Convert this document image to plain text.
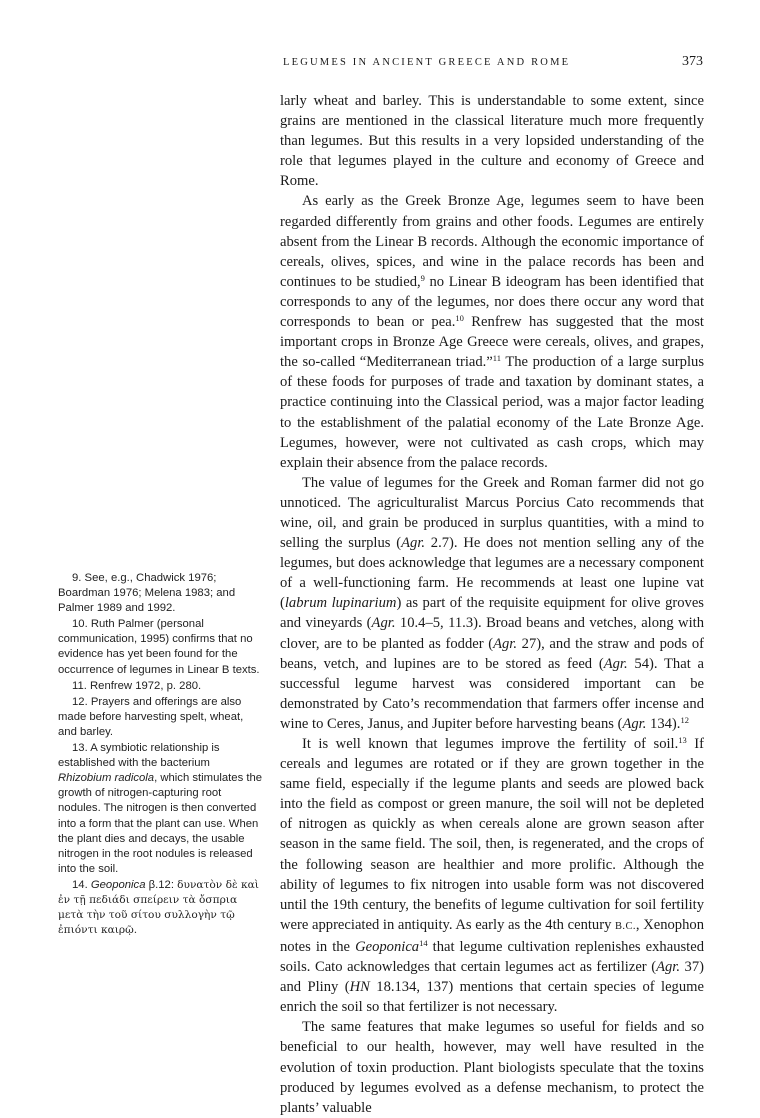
LEGUMES IN ANCIENT GREECE AND ROME	373

larly wheat and barley. This is understandable to some extent, since grains are mentioned in the classical literature much more frequently than legumes. But this results in a very lopsided understanding of the role that legumes played in the culture and economy of Greece and Rome.

As early as the Greek Bronze Age, legumes seem to have been regarded differently from grains and other foods. Legumes are entirely absent from the Linear B records. Although the economic importance of cereals, olives, spices, and wine in the palace records has been and continues to be studied,$^9$ no Linear B ideogram has been identified that corresponds to any of the legumes, nor does there occur any word that corresponds to bean or pea.$^{10}$ Renfrew has suggested that the most important crops in Bronze Age Greece were cereals, olives, and grapes, the so-called “Mediterranean triad.”$^{11}$ The production of a large surplus of these foods for purposes of trade and taxation by dominant states, a practice continuing into the Classical period, was a major factor leading to the establishment of the palatial economy of the Late Bronze Age. Legumes, however, were not cultivated as cash crops, which may explain their absence from the palace records.

The value of legumes for the Greek and Roman farmer did not go unnoticed. The agriculturalist Marcus Porcius Cato recommends that wine, oil, and grain be produced in surplus quantities, with a mind to selling the surplus (Agr. 2.7). He does not mention selling any of the legumes, but does acknowledge that legumes are a necessary component of a well-functioning farm. He recommends at least one lupine vat (labrum lupinarium) as part of the requisite equipment for olive groves and vineyards (Agr. 10.4–5, 11.3). Broad beans and vetches, along with clover, are to be planted as fodder (Agr. 27), and the straw and pods of beans, vetch, and lupines are to be stored as feed (Agr. 54). That a successful legume harvest was considered important can be demonstrated by Cato’s recommendation that farmers offer incense and wine to Ceres, Janus, and Jupiter before harvesting beans (Agr. 134).$^{12}$

It is well known that legumes improve the fertility of soil.$^{13}$ If cereals and legumes are rotated or if they are grown together in the same field, especially if the legume plants and seeds are plowed back into the field as compost or green manure, the soil will not be depleted of nitrogen as quickly as when cereals alone are grown season after season in the same field. The soil, then, is regenerated, and the crops of the following season are healthier and more prolific. Although the ability of legumes to fix nitrogen into usable form was not discovered until the 19th century, the benefits of legume cultivation for soil fertility were appreciated in antiquity. As early as the 4th century B.C., Xenophon notes in the Geoponica$^{14}$ that legume cultivation replenishes exhausted soils. Cato acknowledges that certain legumes act as fertilizer (Agr. 37) and Pliny (HN 18.134, 137) mentions that certain species of legume enrich the soil so that fertilizer is not necessary.

The same features that make legumes so useful for fields and so beneficial to our health, however, may well have resulted in the evolution of toxin production. Plant biologists speculate that the toxins produced by legumes evolved as a defense mechanism, to protect the plants’ valuable

9. See, e.g., Chadwick 1976; Boardman 1976; Melena 1983; and Palmer 1989 and 1992.

10. Ruth Palmer (personal communication, 1995) confirms that no evidence has yet been found for the occurrence of legumes in Linear B texts.

11. Renfrew 1972, p. 280.

12. Prayers and offerings are also made before harvesting spelt, wheat, and barley.

13. A symbiotic relationship is established with the bacterium Rhizobium radicola, which stimulates the growth of nitrogen-capturing root nodules. The nitrogen is then converted into a form that the plant can use. When the plant dies and decays, the usable nitrogen in the root nodules is released into the soil.

14. Geoponica β.12: δυνατὸν δὲ καὶ ἐν τῇ πεδιάδι σπείρειν τὰ ὄσπρια μετὰ τὴν τοῦ σίτου συλλογὴν τῷ ἐπιόντι καιρῷ.
